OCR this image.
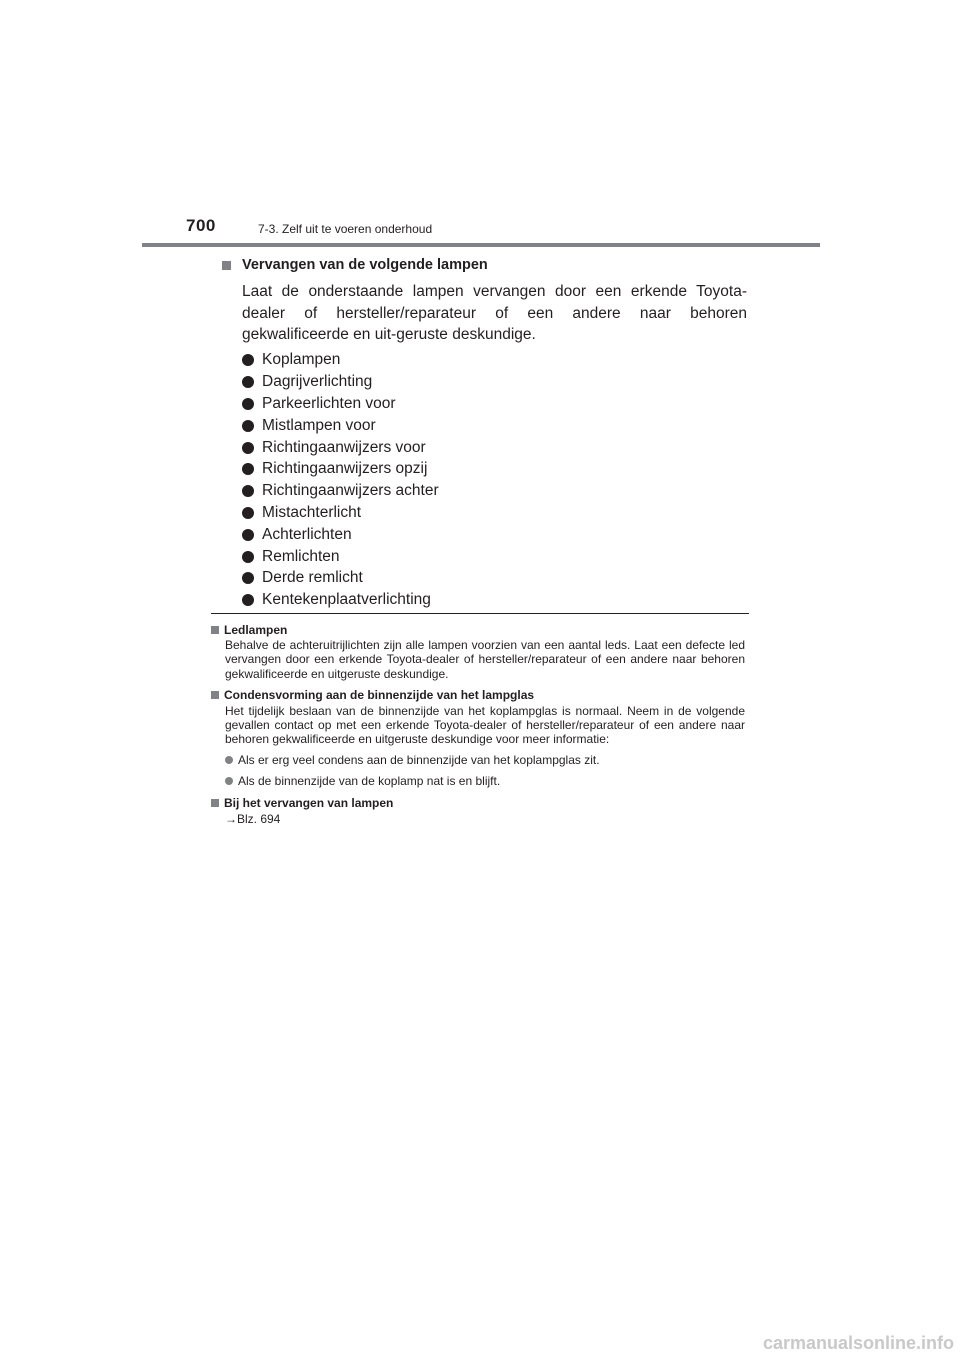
700	7-3. Zelf uit te voeren onderhoud
Vervangen van de volgende lampen

Laat de onderstaande lampen vervangen door een erkende Toyota-dealer of hersteller/reparateur of een andere naar behoren gekwalificeerde en uit-geruste deskundige.

Koplampen
Dagrijverlichting
Parkeerlichten voor
Mistlampen voor
Richtingaanwijzers voor
Richtingaanwijzers opzij
Richtingaanwijzers achter
Mistachterlicht
Achterlichten
Remlichten
Derde remlicht
Kentekenplaatverlichting
Ledlampen

Behalve de achteruitrijlichten zijn alle lampen voorzien van een aantal leds. Laat een defecte led vervangen door een erkende Toyota-dealer of hersteller/reparateur of een andere naar behoren gekwalificeerde en uitgeruste deskundige.

Condensvorming aan de binnenzijde van het lampglas

Het tijdelijk beslaan van de binnenzijde van het koplampglas is normaal. Neem in de volgende gevallen contact op met een erkende Toyota-dealer of hersteller/reparateur of een andere naar behoren gekwalificeerde en uitgeruste deskundige voor meer informatie:

Als er erg veel condens aan de binnenzijde van het koplampglas zit.
Als de binnenzijde van de koplamp nat is en blijft.
Bij het vervangen van lampen
→Blz. 694
carmanualsonline.info
